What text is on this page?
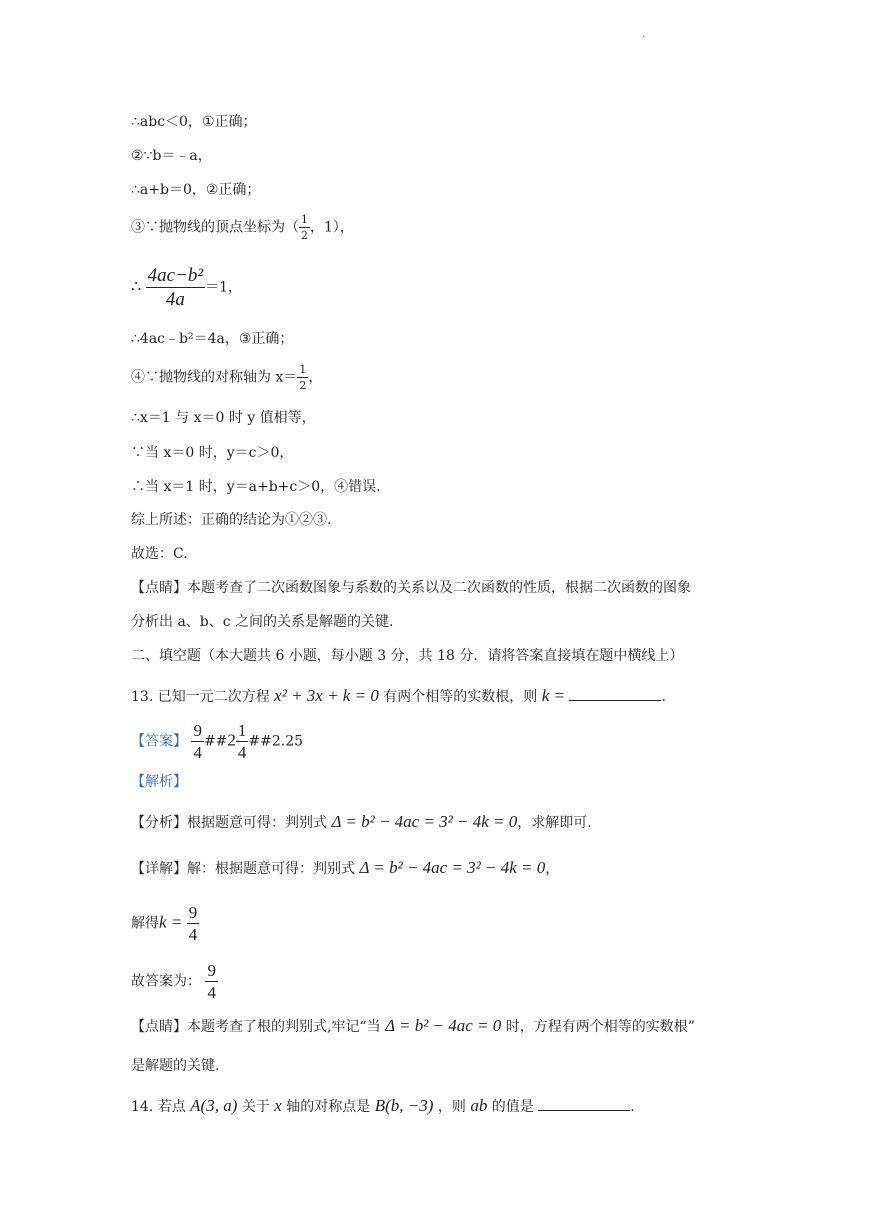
·
∴abc＜0，①正确；
②∵b＝﹣a，
∴a+b＝0，②正确；
③∵抛物线的顶点坐标为（ $\frac{1}{2}$ ，1），
∴ $\frac{\text{4ac−b²}}{4a} =1$，
∴4ac﹣b²＝4a，③正确；
④∵抛物线的对称轴为 $x= \frac{1}{2}$ ，
∴x＝1 与 x＝0 时 y 值相等，
∵当 x＝0 时，y＝c＞0，
∴当 x＝1 时，y＝a+b+c＞0，④错误.
综上所述：正确的结论为①②③.
故选：C.
【点睛】本题考查了二次函数图象与系数的关系以及二次函数的性质，根据二次函数的图象
分析出 a、b、c 之间的关系是解题的关键.
二、填空题（本大题共 6 小题，每小题 3 分，共 18 分．请将答案直接填在题中横线上）
13. 已知一元二次方程 x² + 3x + k = 0 有两个相等的实数根，则 k =	.
【答案】 $\frac{9}{4}$ ##2 $\frac{1}{4}$ ##2.25
【解析】
【分析】根据题意可得：判别式 Δ = b² − 4ac = 3² − 4k = 0，求解即可.
【详解】解：根据题意可得：判别式 Δ = b² − 4ac = 3² − 4k = 0，
解得$k = \frac{9}{4}$
故答案为： $\frac{9}{4}$
【点睛】本题考查了根的判别式,牢记“当 Δ = b² − 4ac = 0 时，方程有两个相等的实数根”
是解题的关键.
14. 若点 A(3, a) 关于 x 轴的对称点是 B(b, −3) ，则 ab 的值是	.
